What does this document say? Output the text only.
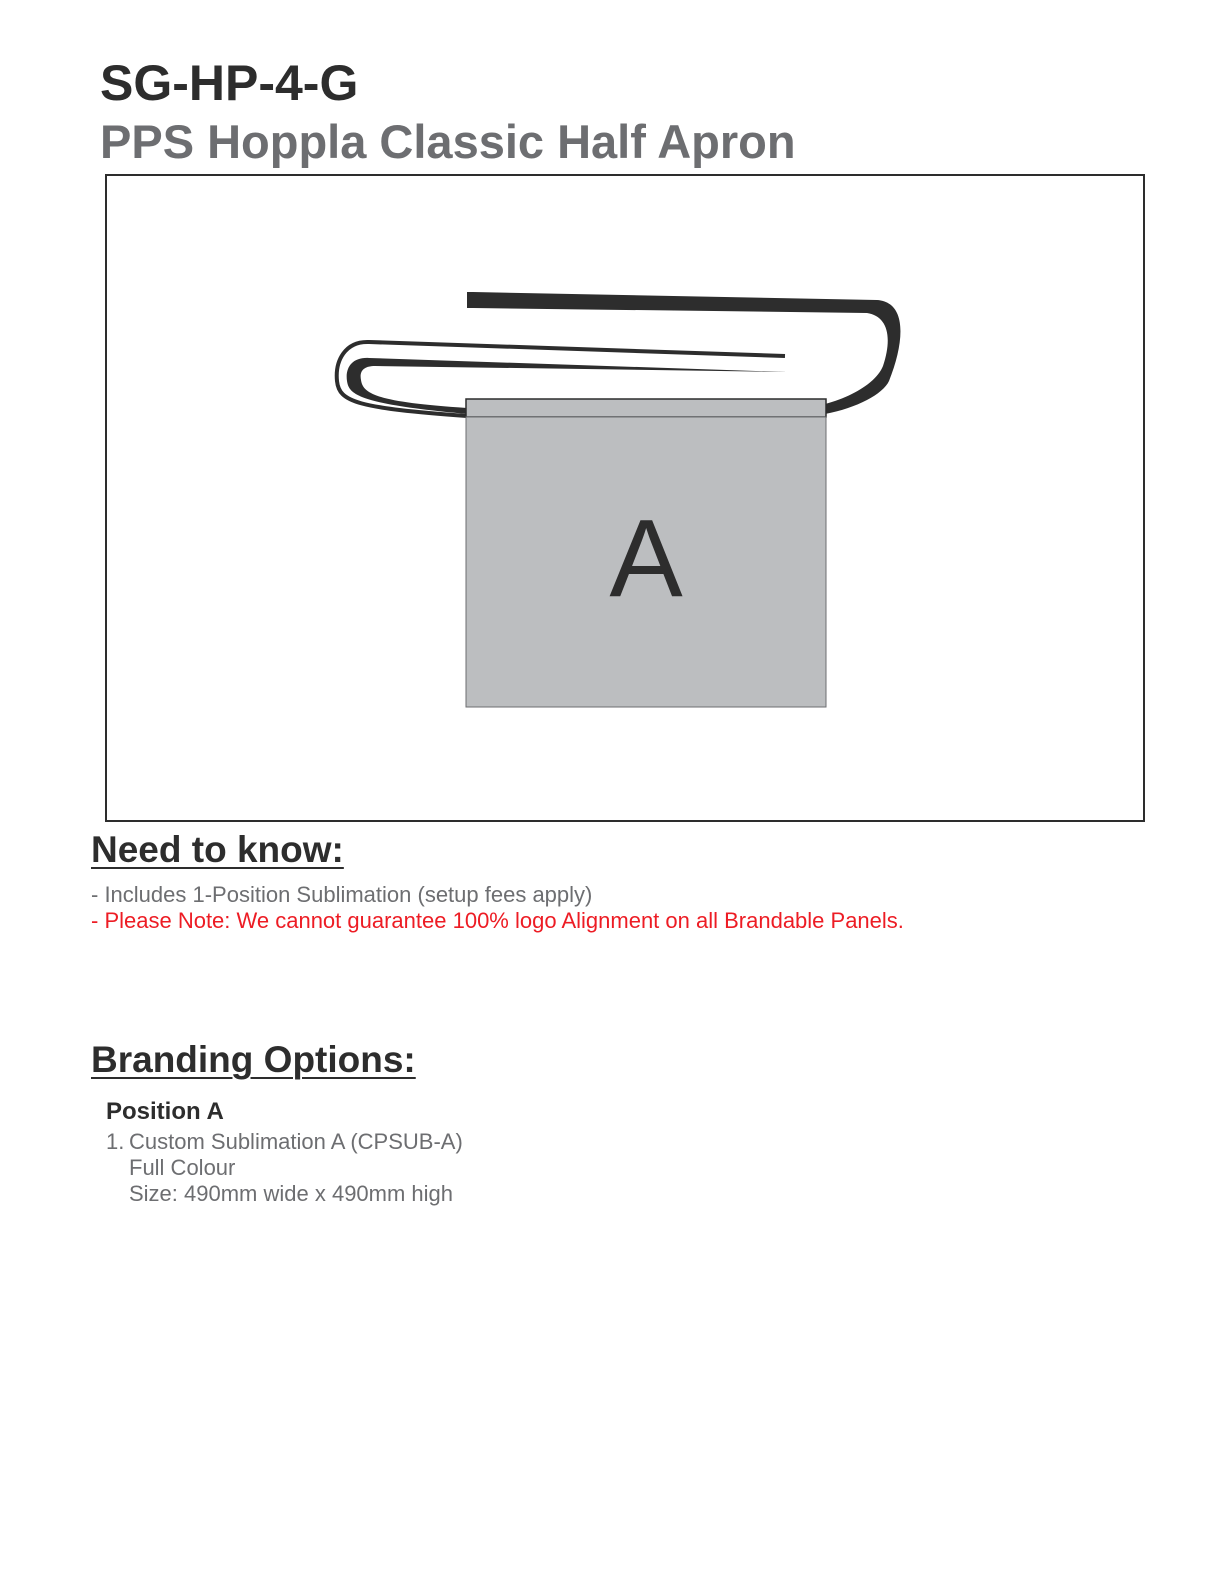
SG-HP-4-G
PPS Hoppla Classic Half Apron
A
Need to know:

- Includes 1-Position Sublimation (setup fees apply)

- Please Note: We cannot guarantee 100% logo Alignment on all Brandable Panels.

Branding Options:
Position A

1. Custom Sublimation A (CPSUB-A)

Full Colour

Size: 490mm wide x 490mm high
